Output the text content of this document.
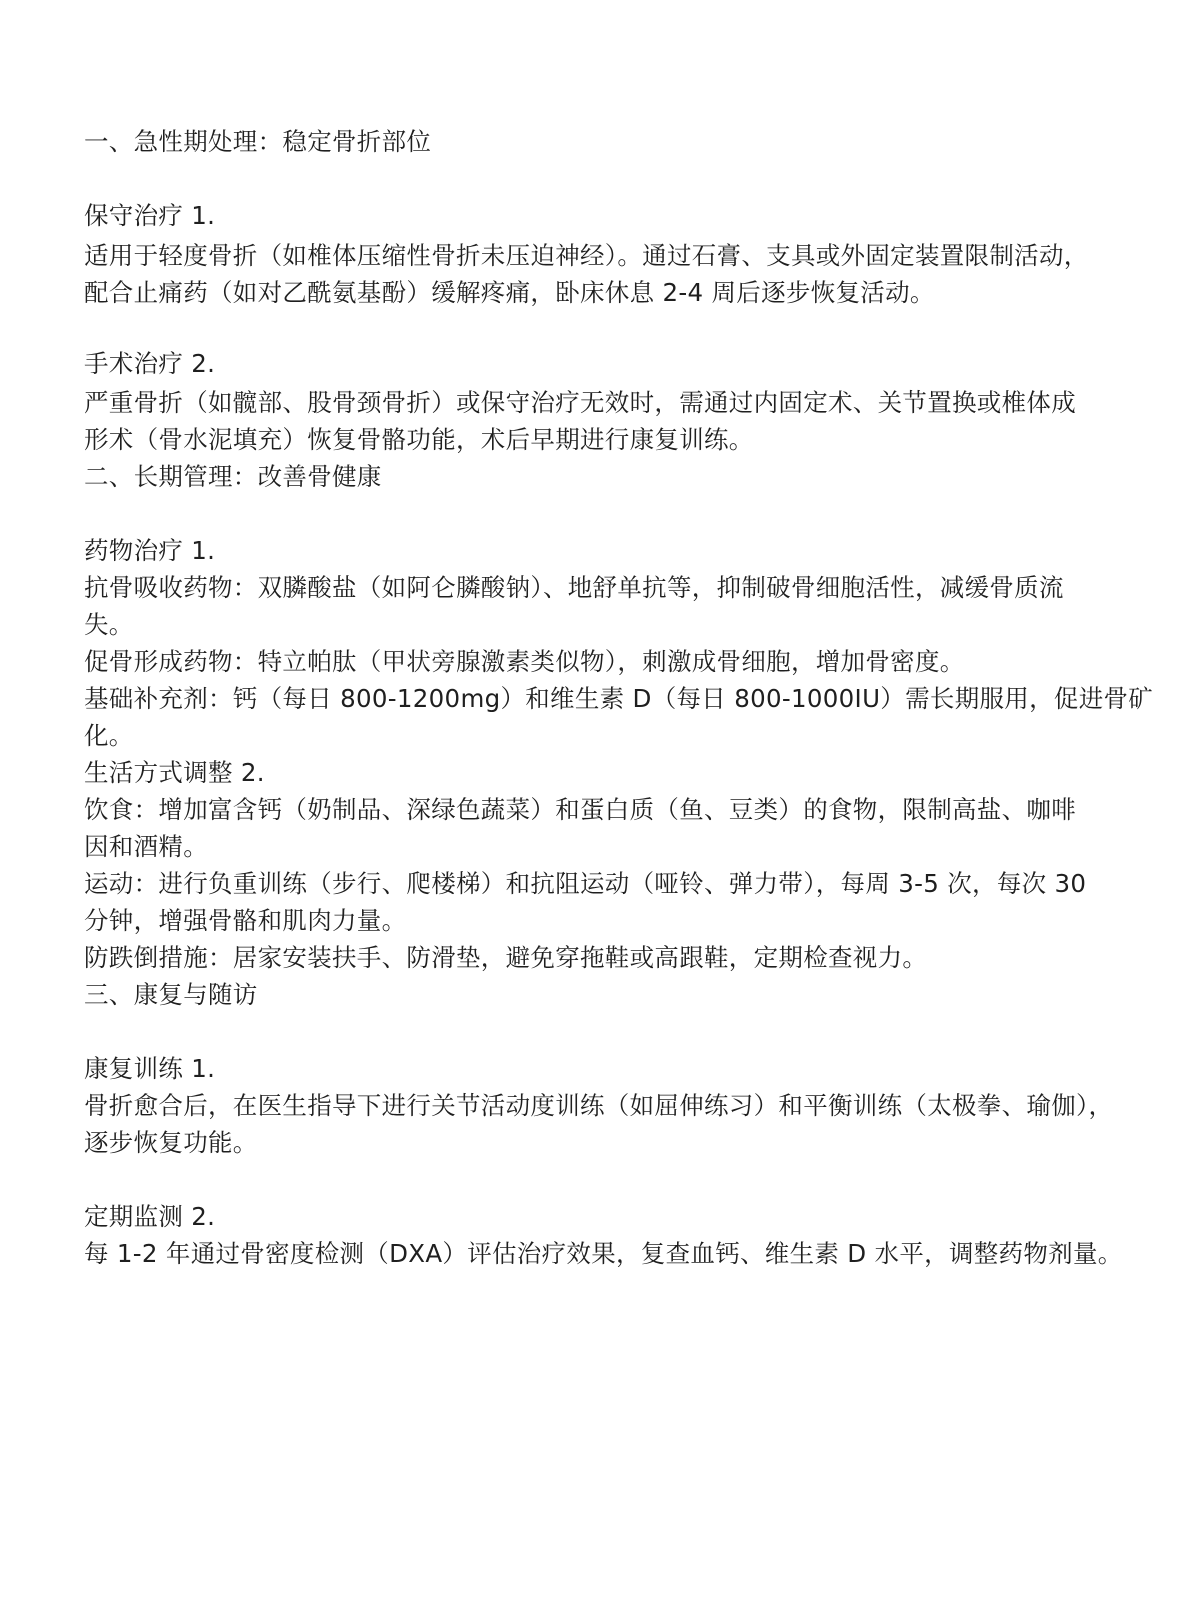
一、急性期处理：稳定骨折部位

保守治疗 1.

适用于轻度骨折（如椎体压缩性骨折未压迫神经）。通过石膏、支具或外固定装置限制活动，

配合止痛药（如对乙酰氨基酚）缓解疼痛，卧床休息 2-4 周后逐步恢复活动。

手术治疗 2.

严重骨折（如髋部、股骨颈骨折）或保守治疗无效时，需通过内固定术、关节置换或椎体成

形术（骨水泥填充）恢复骨骼功能，术后早期进行康复训练。

二、长期管理：改善骨健康

药物治疗 1.

抗骨吸收药物：双膦酸盐（如阿仑膦酸钠）、地舒单抗等，抑制破骨细胞活性，减缓骨质流

失。

促骨形成药物：特立帕肽（甲状旁腺激素类似物），刺激成骨细胞，增加骨密度。

基础补充剂：钙（每日 800-1200mg）和维生素 D（每日 800-1000IU）需长期服用，促进骨矿

化。

生活方式调整 2.

饮食：增加富含钙（奶制品、深绿色蔬菜）和蛋白质（鱼、豆类）的食物，限制高盐、咖啡

因和酒精。

运动：进行负重训练（步行、爬楼梯）和抗阻运动（哑铃、弹力带），每周 3-5 次，每次 30

分钟，增强骨骼和肌肉力量。

防跌倒措施：居家安装扶手、防滑垫，避免穿拖鞋或高跟鞋，定期检查视力。

三、康复与随访

康复训练 1.

骨折愈合后，在医生指导下进行关节活动度训练（如屈伸练习）和平衡训练（太极拳、瑜伽），

逐步恢复功能。

定期监测 2.

每 1-2 年通过骨密度检测（DXA）评估治疗效果，复查血钙、维生素 D 水平，调整药物剂量。
